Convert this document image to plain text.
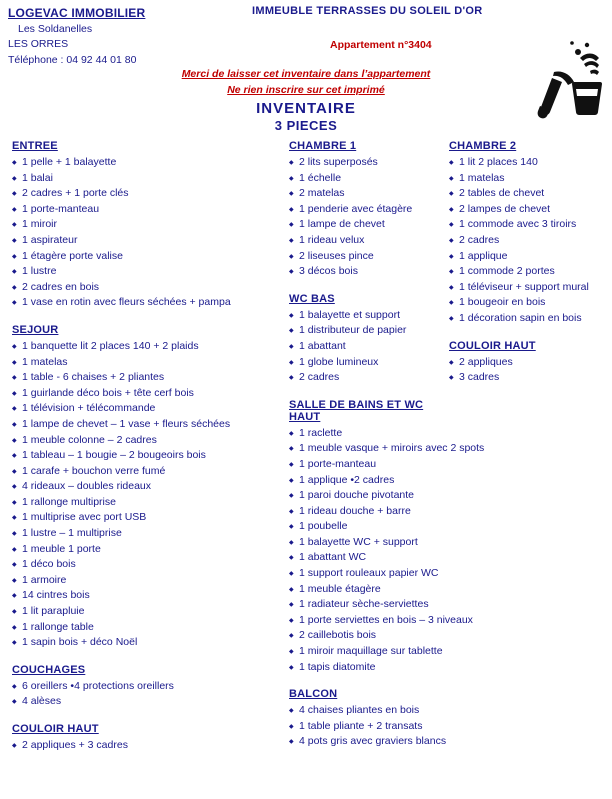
LOGEVAC IMMOBILIER
Les Soldanelles
LES ORRES
Téléphone : 04 92 44 01 80
IMMEUBLE TERRASSES DU SOLEIL D'OR
Appartement n°3404
Merci de laisser cet inventaire dans l’appartement
Ne rien inscrire sur cet imprimé
INVENTAIRE
3 PIECES
ENTREE
◆ 1 pelle + 1 balayette
◆ 1 balai
◆ 2 cadres + 1 porte clés
◆ 1 porte-manteau
◆ 1 miroir
◆ 1 aspirateur
◆ 1 étagère porte valise
◆ 1 lustre
◆ 2 cadres en bois
◆ 1 vase en rotin avec fleurs séchées + pampa
SEJOUR
◆ 1 banquette lit 2 places 140 + 2 plaids
◆ 1 matelas
◆ 1 table - 6 chaises + 2 pliantes
◆ 1 guirlande déco bois + tête cerf bois
◆ 1 télévision + télécommande
◆ 1 lampe de chevet – 1 vase + fleurs séchées
◆ 1 meuble colonne – 2 cadres
◆ 1 tableau – 1 bougie – 2 bougeoirs bois
◆ 1 carafe + bouchon verre fumé
◆ 4 rideaux – doubles rideaux
◆ 1 rallonge multiprise
◆ 1 multiprise avec port USB
◆ 1 lustre – 1 multiprise
◆ 1 meuble 1 porte
◆ 1 déco bois
◆ 1 armoire
◆ 14 cintres bois
◆ 1 lit parapluie
◆ 1 rallonge table
◆ 1 sapin bois + déco Noël
COUCHAGES
◆ 6 oreillers •4 protections oreillers
◆ 4 alèses
COULOIR HAUT
◆ 2 appliques + 3 cadres
CHAMBRE 1
◆ 2 lits superposés
◆ 1 échelle
◆ 2 matelas
◆ 1 penderie avec étagère
◆ 1 lampe de chevet
◆ 1 rideau velux
◆ 2 liseuses pince
◆ 3 décos bois
WC BAS
◆ 1 balayette et support
◆ 1 distributeur de papier
◆ 1 abattant
◆ 1 globe lumineux
◆ 2 cadres
SALLE DE BAINS ET WC HAUT
◆ 1 raclette
◆ 1 meuble vasque + miroirs avec 2 spots
◆ 1 porte-manteau
◆ 1 applique •2 cadres
◆ 1 paroi douche pivotante
◆ 1 rideau douche + barre
◆ 1 poubelle
◆ 1 balayette WC + support
◆ 1 abattant WC
◆ 1 support rouleaux papier WC
◆ 1 meuble étagère
◆ 1 radiateur sèche-serviettes
◆ 1 porte serviettes en bois – 3 niveaux
◆ 2 caillebotis bois
◆ 1 miroir maquillage sur tablette
◆ 1 tapis diatomite
BALCON
◆ 4 chaises pliantes en bois
◆ 1 table pliante + 2 transats
◆ 4 pots gris avec graviers blancs
CHAMBRE 2
◆ 1 lit 2 places 140
◆ 1 matelas
◆ 2 tables de chevet
◆ 2 lampes de chevet
◆ 1 commode avec 3 tiroirs
◆ 2 cadres
◆ 1 applique
◆ 1 commode 2 portes
◆ 1 téléviseur + support mural
◆ 1 bougeoir en bois
◆ 1 décoration sapin en bois
COULOIR HAUT
◆ 2 appliques
◆ 3 cadres
